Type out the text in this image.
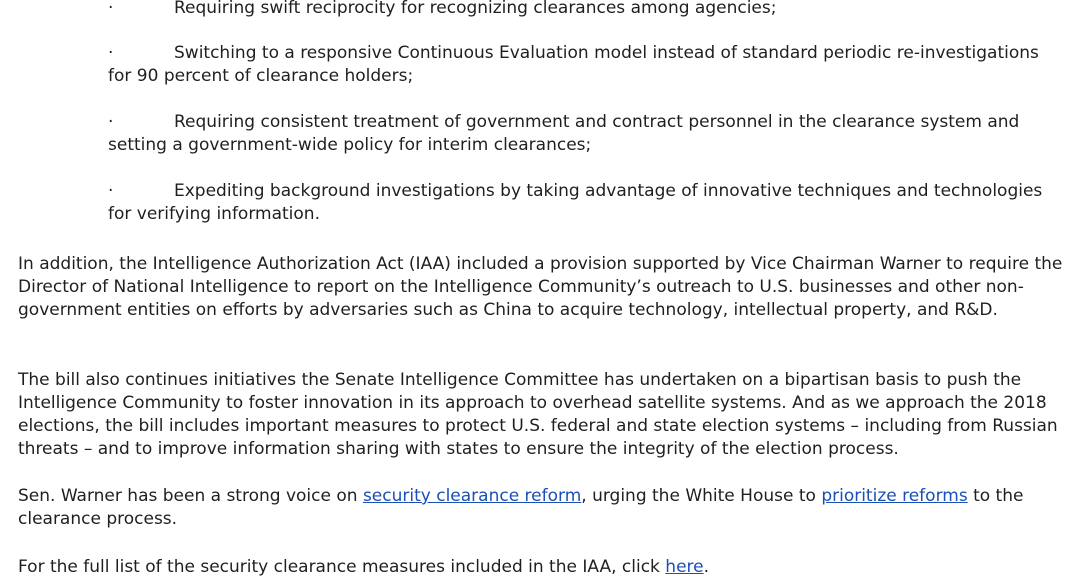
·	Requiring swift reciprocity for recognizing clearances among agencies;
·	Switching to a responsive Continuous Evaluation model instead of standard periodic re-investigations for 90 percent of clearance holders;
·	Requiring consistent treatment of government and contract personnel in the clearance system and setting a government-wide policy for interim clearances;
·	Expediting background investigations by taking advantage of innovative techniques and technologies for verifying information.

In addition, the Intelligence Authorization Act (IAA) included a provision supported by Vice Chairman Warner to require the Director of National Intelligence to report on the Intelligence Community’s outreach to U.S. businesses and other non-government entities on efforts by adversaries such as China to acquire technology, intellectual property, and R&D.

The bill also continues initiatives the Senate Intelligence Committee has undertaken on a bipartisan basis to push the Intelligence Community to foster innovation in its approach to overhead satellite systems. And as we approach the 2018 elections, the bill includes important measures to protect U.S. federal and state election systems – including from Russian threats – and to improve information sharing with states to ensure the integrity of the election process.

Sen. Warner has been a strong voice on security clearance reform, urging the White House to prioritize reforms to the clearance process.

For the full list of the security clearance measures included in the IAA, click here.
